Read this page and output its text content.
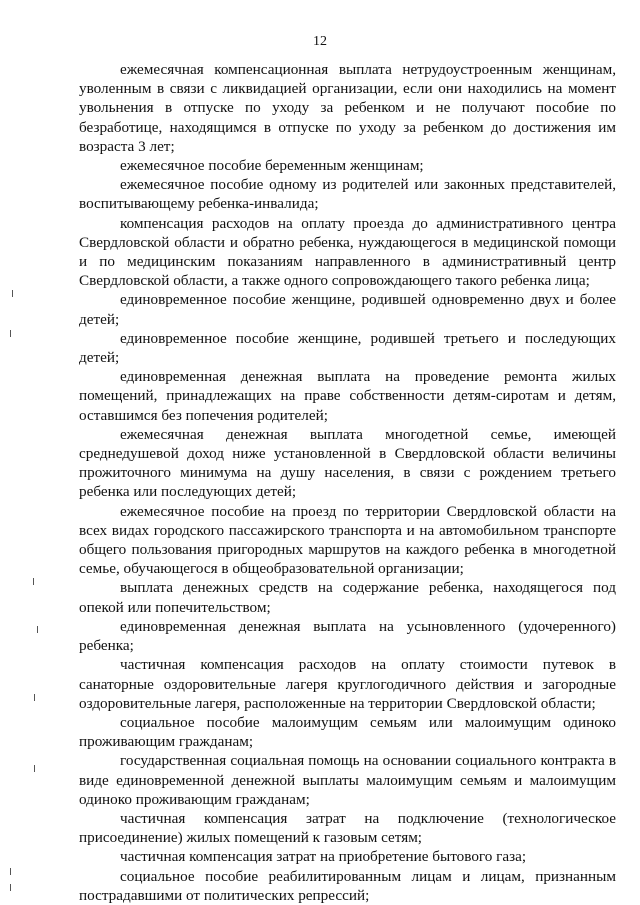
12

ежемесячная компенсационная выплата нетрудоустроенным женщинам, уволенным в связи с ликвидацией организации, если они находились на момент увольнения в отпуске по уходу за ребенком и не получают пособие по безработице, находящимся в отпуске по уходу за ребенком до достижения им возраста 3 лет;

ежемесячное пособие беременным женщинам;

ежемесячное пособие одному из родителей или законных представителей, воспитывающему ребенка-инвалида;

компенсация расходов на оплату проезда до административного центра Свердловской области и обратно ребенка, нуждающегося в медицинской помощи и по медицинским показаниям направленного в административный центр Свердловской области, а также одного сопровождающего такого ребенка лица;

единовременное пособие женщине, родившей одновременно двух и более детей;

единовременное пособие женщине, родившей третьего и последующих детей;

единовременная денежная выплата на проведение ремонта жилых помещений, принадлежащих на праве собственности детям-сиротам и детям, оставшимся без попечения родителей;

ежемесячная денежная выплата многодетной семье, имеющей среднедушевой доход ниже установленной в Свердловской области величины прожиточного минимума на душу населения, в связи с рождением третьего ребенка или последующих детей;

ежемесячное пособие на проезд по территории Свердловской области на всех видах городского пассажирского транспорта и на автомобильном транспорте общего пользования пригородных маршрутов на каждого ребенка в многодетной семье, обучающегося в общеобразовательной организации;

выплата денежных средств на содержание ребенка, находящегося под опекой или попечительством;

единовременная денежная выплата на усыновленного (удочеренного) ребенка;

частичная компенсация расходов на оплату стоимости путевок в санаторные оздоровительные лагеря круглогодичного действия и загородные оздоровительные лагеря, расположенные на территории Свердловской области;

социальное пособие малоимущим семьям или малоимущим одиноко проживающим гражданам;

государственная социальная помощь на основании социального контракта в виде единовременной денежной выплаты малоимущим семьям и малоимущим одиноко проживающим гражданам;

частичная компенсация затрат на подключение (технологическое присоединение) жилых помещений к газовым сетям;

частичная компенсация затрат на приобретение бытового газа;

социальное пособие реабилитированным лицам и лицам, признанным пострадавшими от политических репрессий;
